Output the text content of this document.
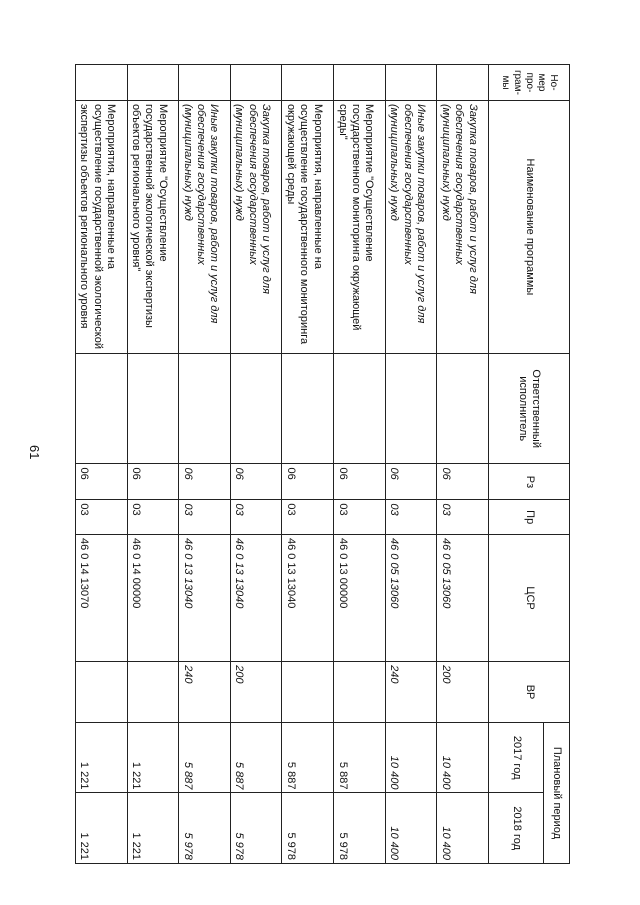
61
Но-мер про-грам-мы	Наименование программы	Ответственный исполнитель	Рз	Пр	ЦСР	ВР	Плановый период	
							2017 год	2018 год
	Закупка товаров, работ и услуг для обеспечения государственных (муниципальных) нужд		06	03	46 0 05 13060	200	10 400	10 400
	Иные закупки товаров, работ и услуг для обеспечения государственных (муниципальных) нужд		06	03	46 0 05 13060	240	10 400	10 400
	Мероприятие "Осуществление государственного мониторинга окружающей среды"		06	03	46 0 13 00000		5 887	5 978
	Мероприятия, направленные на осуществление государственного мониторинга окружающей среды		06	03	46 0 13 13040		5 887	5 978
	Закупка товаров, работ и услуг для обеспечения государственных (муниципальных) нужд		06	03	46 0 13 13040	200	5 887	5 978
	Иные закупки товаров, работ и услуг для обеспечения государственных (муниципальных) нужд		06	03	46 0 13 13040	240	5 887	5 978
	Мероприятие "Осуществление государственной экологической экспертизы объектов регионального уровня"		06	03	46 0 14 00000		1 221	1 221
	Мероприятия, направленные на осуществление государственной экологической экспертизы объектов регионального уровня		06	03	46 0 14 13070		1 221	1 221
